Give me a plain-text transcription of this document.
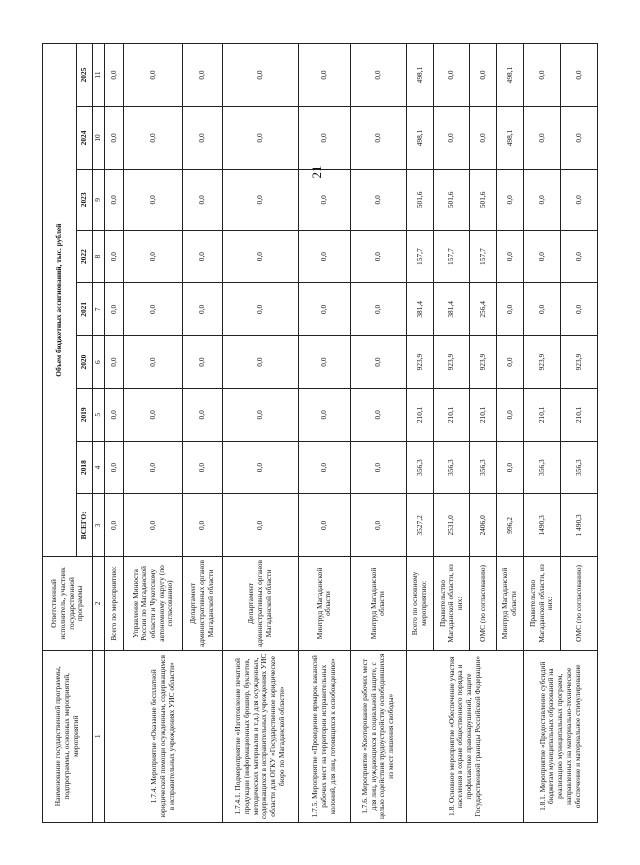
21
Наименование государственной программы, подпрограммы, основных мероприятий, мероприятий	Ответственный исполнитель, участник государственной программы	Объем бюджетных ассигнований, тыс. рублей								
		ВСЕГО:	2018	2019	2020	2021	2022	2023	2024	2025
1	2	3	4	5	6	7	8	9	10	11
1.7.4. Мероприятие «Оказание бесплатной юридической помощи осужденным, содержащимся в исправительных учреждениях УИС области»	Всего по мероприятию:	0,0	0,0	0,0	0,0	0,0	0,0	0,0	0,0	0,0
	Управление Минюста России по Магаданской области и Чукотскому автономному округу (по согласованию)	0,0	0,0	0,0	0,0	0,0	0,0	0,0	0,0	0,0
	Департамент административных органов Магаданской области	0,0	0,0	0,0	0,0	0,0	0,0	0,0	0,0	0,0
1.7.4.1. Подмероприятие «Изготовление печатной продукции (информационных брошюр, буклетов, методических материалов и т.д.) для осужденных, содержащихся в исправительных учреждениях УИС области для ОГКУ «Государственное юридическое бюро по Магаданской области»	Департамент административных органов Магаданской области	0,0	0,0	0,0	0,0	0,0	0,0	0,0	0,0	0,0
1.7.5. Мероприятие «Проведение ярмарок вакансий рабочих мест на территории исправительных колоний, для лиц, готовящихся к освобождению»	Минтруд Магаданской области	0,0	0,0	0,0	0,0	0,0	0,0	0,0	0,0	0,0
1.7.6. Мероприятие «Квотирование рабочих мест для лиц, нуждающихся в социальной защите, с целью содействия трудоустройству освободившихся из мест лишения свободы»	Минтруд Магаданской области	0,0	0,0	0,0	0,0	0,0	0,0	0,0	0,0	0,0
1.8. Основное мероприятие «Обеспечение участия населения в охране общественного порядка и профилактике правонарушений, защите Государственной границы Российской Федерации»	Всего по основному мероприятию:	3527,2	356,3	210,1	923,9	381,4	157,7	501,6	498,1	498,1
	Правительство Магаданской области, из них:	2531,0	356,3	210,1	923,9	381,4	157,7	501,6	0,0	0,0
	ОМС (по согласованию)	2406,0	356,3	210,1	923,9	256,4	157,7	501,6	0,0	0,0
	Минтруд Магаданской области	996,2	0,0	0,0	0,0	0,0	0,0	0,0	498,1	498,1
1.8.1. Мероприятие «Предоставление субсидий бюджетам муниципальных образований на реализацию муниципальных программ, направленных на материально-техническое обеспечение и материальное стимулирование	Правительство Магаданской области, из них:	1490,3	356,3	210,1	923,9	0,0	0,0	0,0	0,0	0,0
	ОМС (по согласованию)	1 490,3	356,3	210,1	923,9	0,0	0,0	0,0	0,0	0,0
